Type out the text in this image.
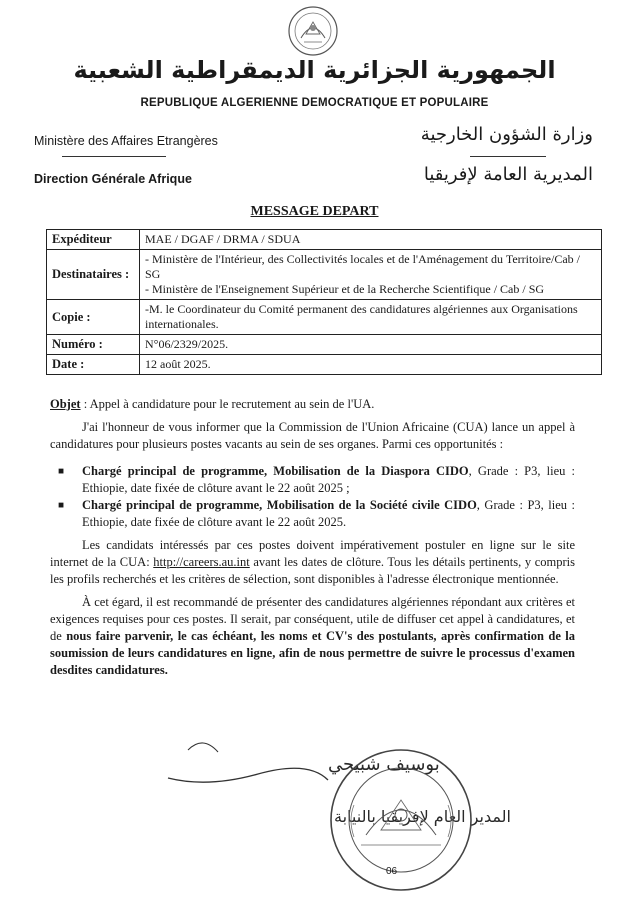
الجمهورية الجزائرية الديمقراطية الشعبية
REPUBLIQUE ALGERIENNE DEMOCRATIQUE ET POPULAIRE
Ministère des Affaires Etrangères
Direction Générale Afrique
وزارة الشؤون الخارجية
المديرية العامة لإفريقيا
MESSAGE DEPART
Expéditeur	MAE / DGAF / DRMA / SDUA
Destinataires :	- Ministère de l'Intérieur, des Collectivités locales et de l'Aménagement du Territoire/Cab / SG
- Ministère de l'Enseignement Supérieur et de la Recherche Scientifique / Cab / SG

Copie :	-M. le Coordinateur du Comité permanent des candidatures algériennes aux Organisations internationales.
Numéro :	N°06/2329/2025.
Date :	12 août 2025.

Objet : Appel à candidature pour le recrutement au sein de l'UA.

J'ai l'honneur de vous informer que la Commission de l'Union Africaine (CUA) lance un appel à candidatures pour plusieurs postes vacants au sein de ses organes. Parmi ces opportunités :

■ Chargé principal de programme, Mobilisation de la Diaspora CIDO, Grade : P3, lieu : Ethiopie, date fixée de clôture avant le 22 août 2025 ;
■ Chargé principal de programme, Mobilisation de la Société civile CIDO, Grade : P3, lieu : Ethiopie, date fixée de clôture avant le 22 août 2025.

Les candidats intéressés par ces postes doivent impérativement postuler en ligne sur le site internet de la CUA: http://careers.au.int avant les dates de clôture. Tous les détails pertinents, y compris les profils recherchés et les critères de sélection, sont disponibles à l'adresse électronique mentionnée.

À cet égard, il est recommandé de présenter des candidatures algériennes répondant aux critères et exigences requises pour ces postes. Il serait, par conséquent, utile de diffuser cet appel à candidatures, et de nous faire parvenir, le cas échéant, les noms et CV's des postulants, après confirmation de la soumission de leurs candidatures en ligne, afin de nous permettre de suivre le processus d'examen desdites candidatures.

بوسيف شبيحي
المدير العام لإفريقيا بالنيابة
06
